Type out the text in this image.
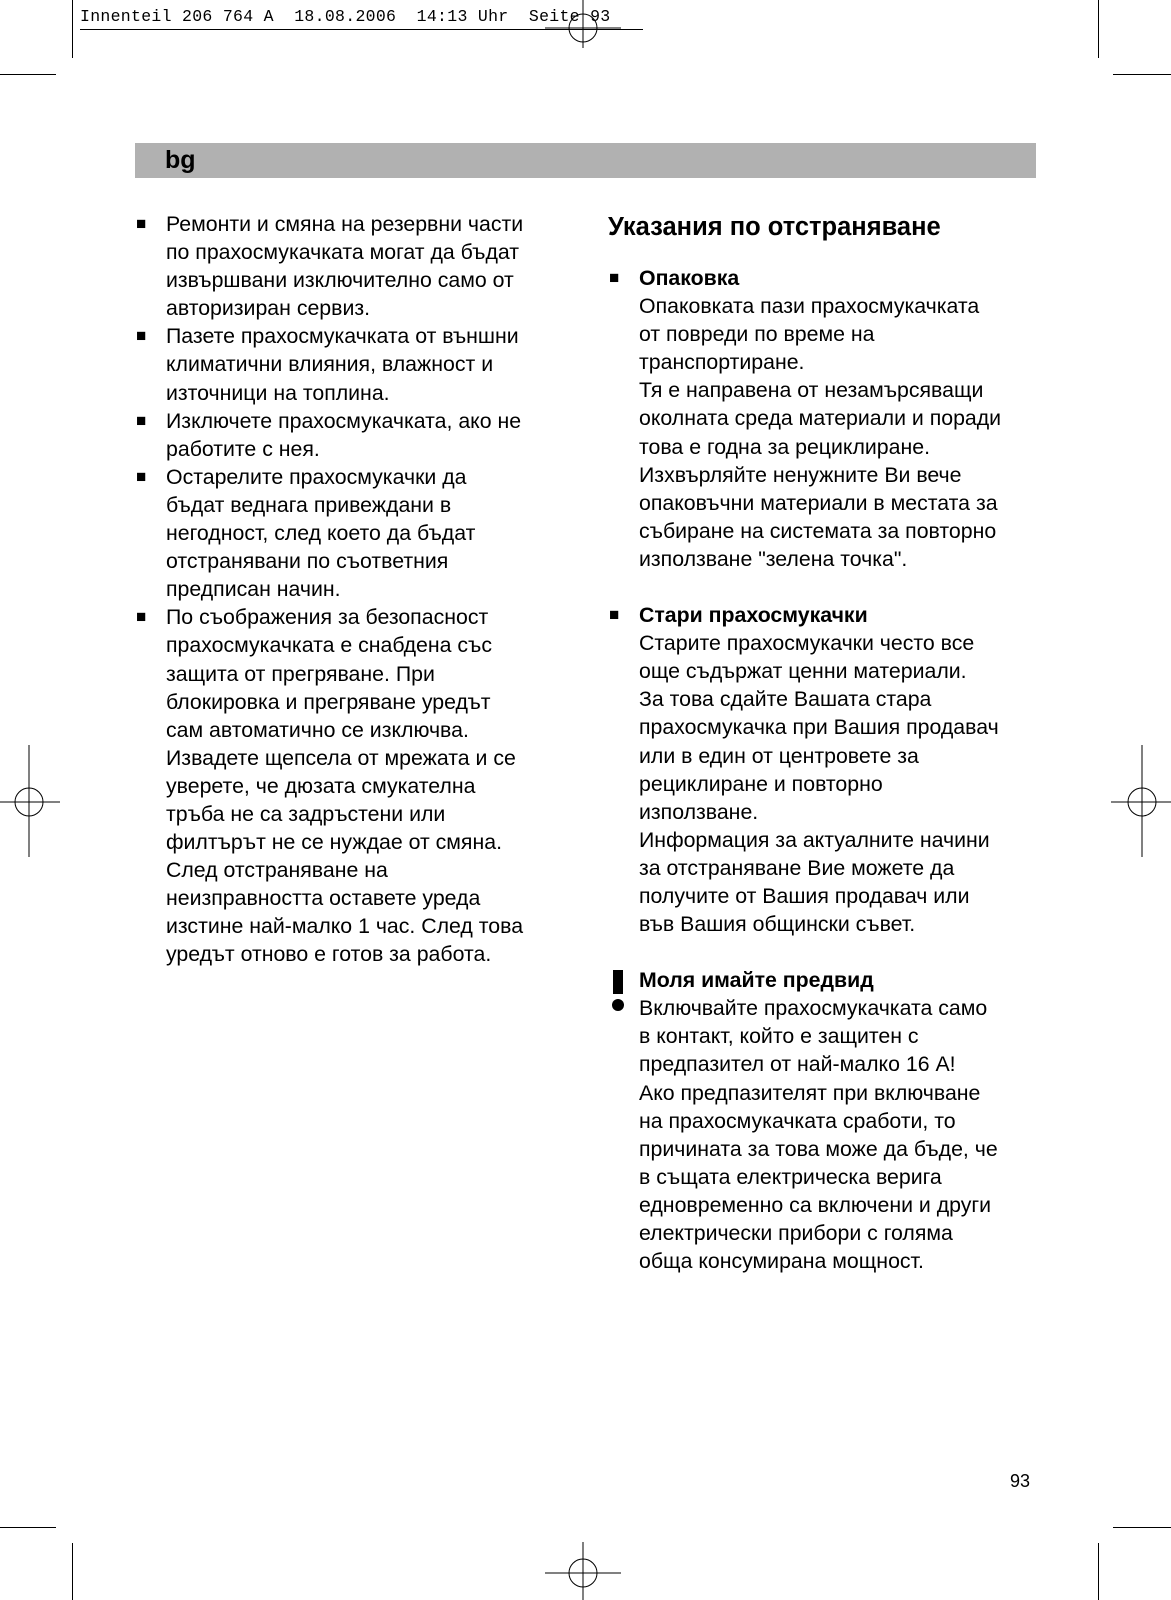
Innenteil 206 764 A  18.08.2006  14:13 Uhr  Seite 93
bg
■ Ремонти и смяна на резервни части
по прахосмукачката могат да бъдат
извършвани изключително само от
авторизиран сервиз.
■ Пазете прахосмукачката от външни
климатични влияния, влажност и
източници на топлина.
■ Изключете прахосмукачката, ако не
работите с нея.
■ Остарелите прахосмукачки да
бъдат веднага привеждани в
негодност, след което да бъдат
отстранявани по съответния
предписан начин.
■ По съображения за безопасност
прахосмукачката е снабдена със
защита от прегряване. При
блокировка и прегряване уредът
сам автоматично се изключва.
Извадете щепсела от мрежата и се
уверете, че дюзата смукателна
тръба не са задръстени или
филтърът не се нуждае от смяна.
След отстраняване на
неизправността оставете уреда
изстине най-малко 1 час. След това
уредът отново е готов за работа.
Указания по отстраняване
■ Опаковка
Опаковката пази прахосмукачката
от повреди по време на
транспортиране.
Тя е направена от незамърсяващи
околната среда материали и поради
това е годна за рециклиране.
Изхвърляйте ненужните Ви вече
опаковъчни материали в местата за
събиране на системата за повторно
използване "зелена точка".
■ Стари прахосмукачки
Старите прахосмукачки често все
още съдържат ценни материали.
За това сдайте Вашата стара
прахосмукачка при Вашия продавач
или в един от центровете за
рециклиране и повторно
използване.
Информация за актуалните начини
за отстраняване Вие можете да
получите от Вашия продавач или
във Вашия общински съвет.
Моля имайте предвид
Включвайте прахосмукачката само
в контакт, който е защитен с
предпазител от най-малко 16 А!
Ако предпазителят при включване
на прахосмукачката сработи, то
причината за това може да бъде, че
в същата електрическа верига
едновременно са включени и други
електрически прибори с голяма
обща консумирана мощност.
93
